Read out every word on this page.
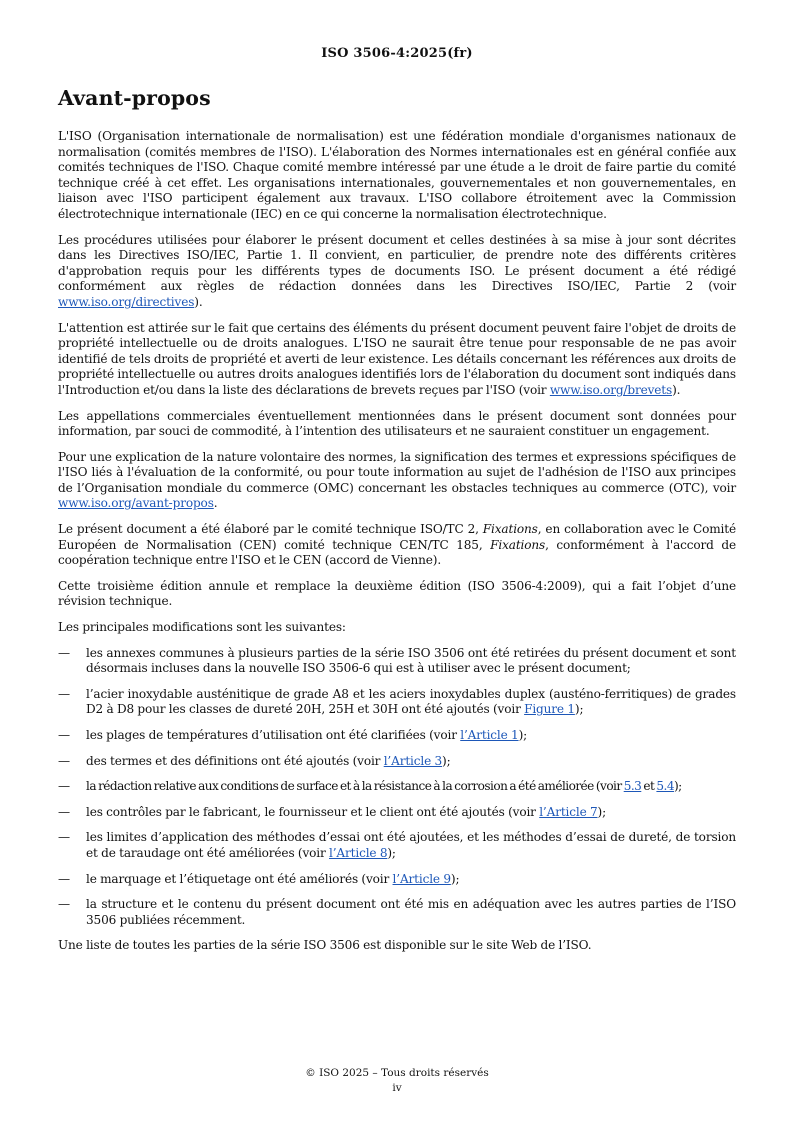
ISO 3506-4:2025(fr)
Avant-propos

L'ISO (Organisation internationale de normalisation) est une fédération mondiale d'organismes nationaux de normalisation (comités membres de l'ISO). L'élaboration des Normes internationales est en général confiée aux comités techniques de l'ISO. Chaque comité membre intéressé par une étude a le droit de faire partie du comité technique créé à cet effet. Les organisations internationales, gouvernementales et non gouvernementales, en liaison avec l'ISO participent également aux travaux. L'ISO collabore étroitement avec la Commission électrotechnique internationale (IEC) en ce qui concerne la normalisation électrotechnique.

Les procédures utilisées pour élaborer le présent document et celles destinées à sa mise à jour sont décrites dans les Directives ISO/IEC, Partie 1. Il convient, en particulier, de prendre note des différents critères d'approbation requis pour les différents types de documents ISO. Le présent document a été rédigé conformément aux règles de rédaction données dans les Directives ISO/IEC, Partie 2 (voir www.iso.org/directives).

L'attention est attirée sur le fait que certains des éléments du présent document peuvent faire l'objet de droits de propriété intellectuelle ou de droits analogues. L'ISO ne saurait être tenue pour responsable de ne pas avoir identifié de tels droits de propriété et averti de leur existence. Les détails concernant les références aux droits de propriété intellectuelle ou autres droits analogues identifiés lors de l'élaboration du document sont indiqués dans l'Introduction et/ou dans la liste des déclarations de brevets reçues par l'ISO (voir www.iso.org/brevets).

Les appellations commerciales éventuellement mentionnées dans le présent document sont données pour information, par souci de commodité, à l’intention des utilisateurs et ne sauraient constituer un engagement.

Pour une explication de la nature volontaire des normes, la signification des termes et expressions spécifiques de l'ISO liés à l'évaluation de la conformité, ou pour toute information au sujet de l'adhésion de l'ISO aux principes de l’Organisation mondiale du commerce (OMC) concernant les obstacles techniques au commerce (OTC), voir www.iso.org/avant-propos.

Le présent document a été élaboré par le comité technique ISO/TC 2, Fixations, en collaboration avec le Comité Européen de Normalisation (CEN) comité technique CEN/TC 185, Fixations, conformément à l'accord de coopération technique entre l'ISO et le CEN (accord de Vienne).

Cette troisième édition annule et remplace la deuxième édition (ISO 3506-4:2009), qui a fait l’objet d’une révision technique.

Les principales modifications sont les suivantes:

— les annexes communes à plusieurs parties de la série ISO 3506 ont été retirées du présent document et sont désormais incluses dans la nouvelle ISO 3506-6 qui est à utiliser avec le présent document;
— l’acier inoxydable austénitique de grade A8 et les aciers inoxydables duplex (austéno-ferritiques) de grades D2 à D8 pour les classes de dureté 20H, 25H et 30H ont été ajoutés (voir Figure 1);
— les plages de températures d’utilisation ont été clarifiées (voir l’Article 1);
— des termes et des définitions ont été ajoutés (voir l’Article 3);
— la rédaction relative aux conditions de surface et à la résistance à la corrosion a été améliorée (voir 5.3 et 5.4);
— les contrôles par le fabricant, le fournisseur et le client ont été ajoutés (voir l’Article 7);
— les limites d’application des méthodes d’essai ont été ajoutées, et les méthodes d’essai de dureté, de torsion et de taraudage ont été améliorées (voir l’Article 8);
— le marquage et l’étiquetage ont été améliorés (voir l’Article 9);
— la structure et le contenu du présent document ont été mis en adéquation avec les autres parties de l’ISO 3506 publiées récemment.

Une liste de toutes les parties de la série ISO 3506 est disponible sur le site Web de l’ISO.

© ISO 2025 – Tous droits réservés
iv
